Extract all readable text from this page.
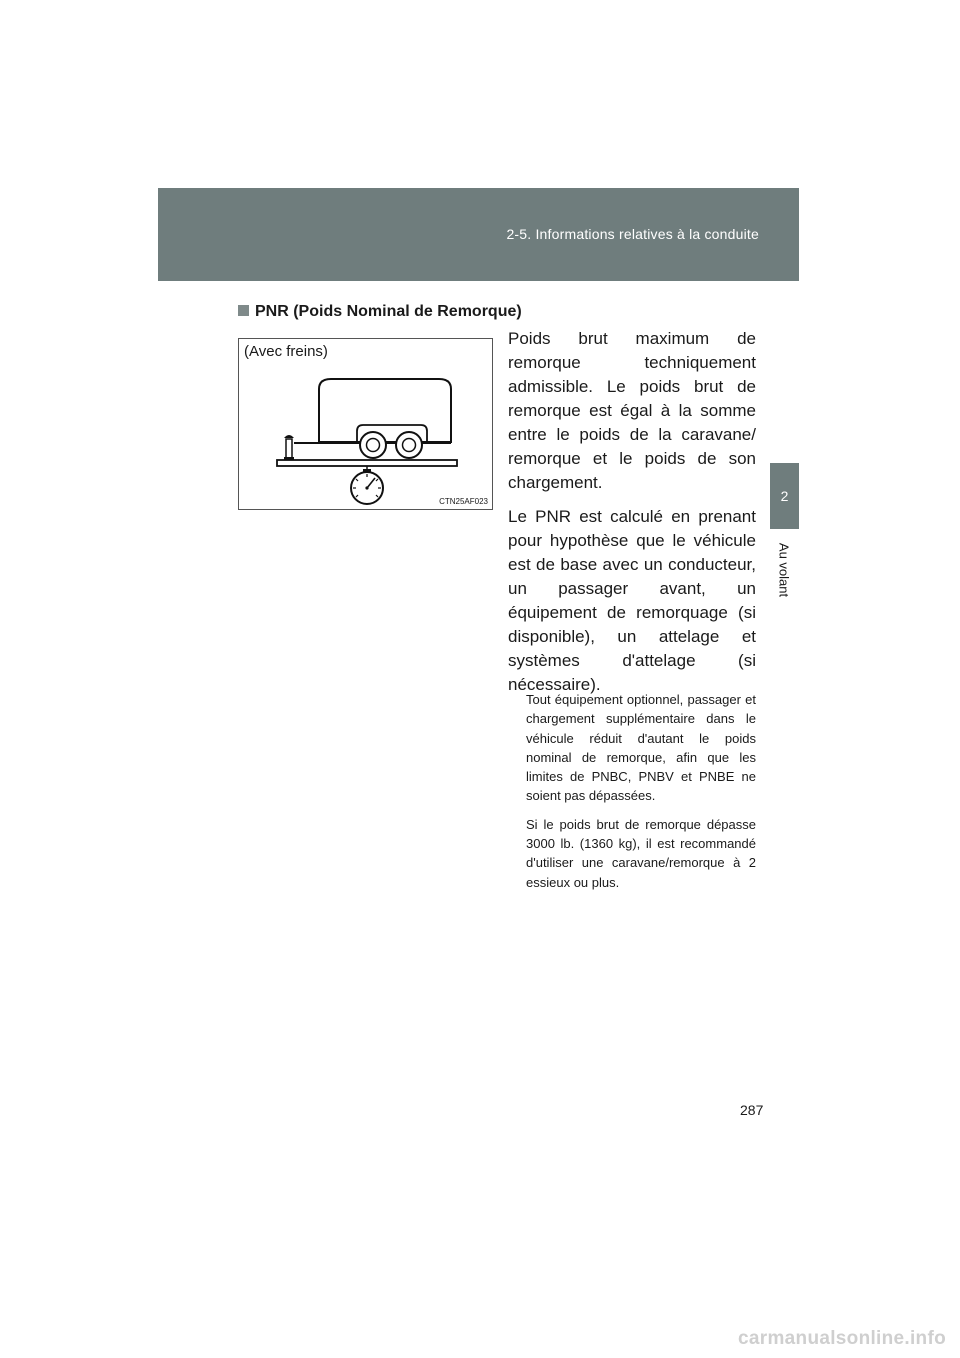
2-5. Informations relatives à la conduite
2
Au volant
PNR (Poids Nominal de Remorque)
(Avec freins)
CTN25AF023

Poids brut maximum de remorque techniquement admissible. Le poids brut de remorque est égal à la somme entre le poids de la caravane/ remorque et le poids de son chargement.

Le PNR est calculé en prenant pour hypothèse que le véhicule est de base avec un conducteur, un passager avant, un équipement de remorquage (si disponible), un attelage et systèmes d'attelage (si nécessaire).

Tout équipement optionnel, passager et chargement supplémentaire dans le véhicule réduit d'autant le poids nominal de remorque, afin que les limites de PNBC, PNBV et PNBE ne soient pas dépassées.

Si le poids brut de remorque dépasse 3000 lb. (1360 kg), il est recommandé d'utiliser une caravane/remorque à 2 essieux ou plus.

287
carmanualsonline.info
